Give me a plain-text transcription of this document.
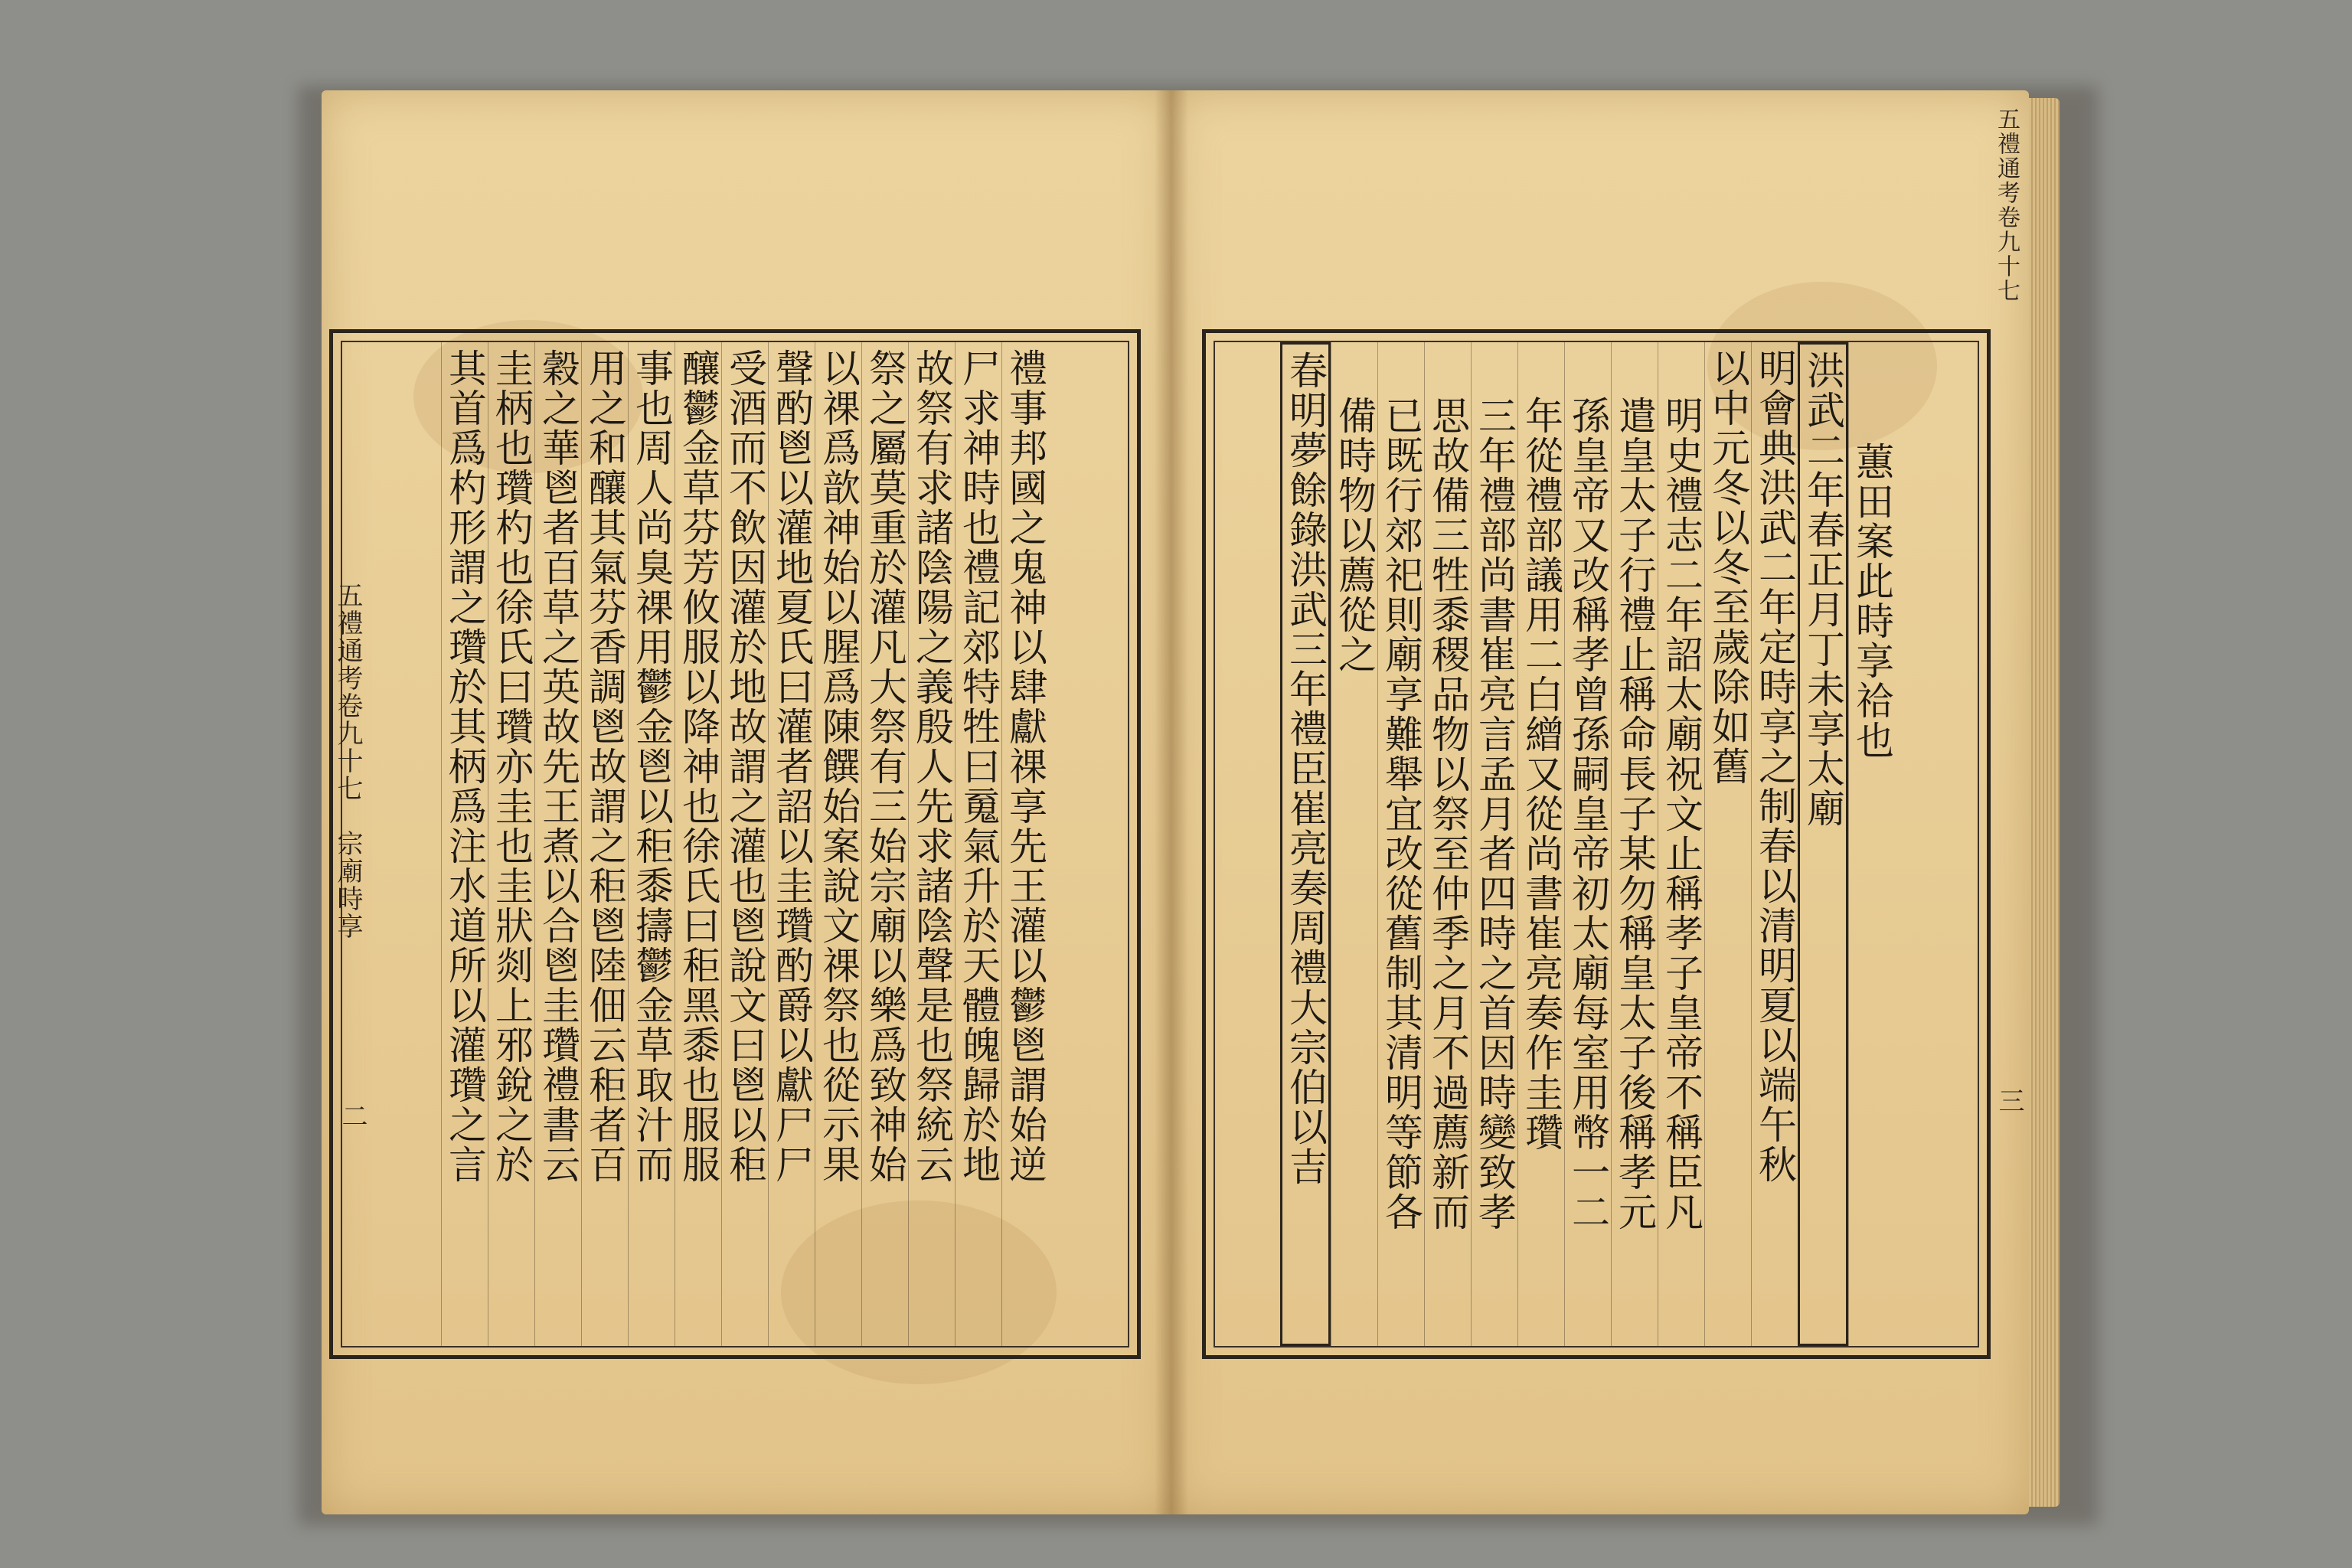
禮事邦國之鬼神以肆獻祼享先王灌以鬱鬯謂始逆
尸求神時也禮記郊特牲曰䰟氣升於天體魄歸於地
故祭有求諸陰陽之義殷人先求諸陰聲是也祭統云
祭之屬莫重於灌凡大祭有三始宗廟以樂爲致神始
以祼爲歆神始以腥爲陳饌始案說文祼祭也從示果
聲酌鬯以灌地夏氏曰灌者詔以圭瓚酌爵以獻尸尸
受酒而不飲因灌於地故謂之灌也鬯說文曰鬯以秬
釀鬱金草芬芳攸服以降神也徐氏曰秬黑黍也服服
事也周人尚臭祼用鬱金鬯以秬黍擣鬱金草取汁而
用之和釀其氣芬香調鬯故謂之秬鬯陸佃云秬者百
穀之華鬯者百草之英故先王煮以合鬯圭瓚禮書云
圭柄也瓚杓也徐氏曰瓚亦圭也圭狀剡上邪銳之於
其首爲杓形謂之瓚於其柄爲注水道所以灌瓚之言
五禮通考卷九十七　宗廟時享
二
蕙田案此時享祫也
洪武二年春正月丁未享太廟
明會典洪武二年定時享之制春以清明夏以端午秋
以中元冬以冬至歲除如舊
明史禮志二年詔太廟祝文止稱孝子皇帝不稱臣凡
遣皇太子行禮止稱命長子某勿稱皇太子後稱孝元
孫皇帝又改稱孝曾孫嗣皇帝初太廟每室用幣一二
年從禮部議用二白繒又從尚書崔亮奏作圭瓚
三年禮部尚書崔亮言孟月者四時之首因時變致孝
思故備三牲黍稷品物以祭至仲季之月不過薦新而
已既行郊祀則廟享難舉宜改從舊制其清明等節各
備時物以薦從之
春明夢餘錄洪武三年禮臣崔亮奏周禮大宗伯以吉
五禮通考卷九十七
三
